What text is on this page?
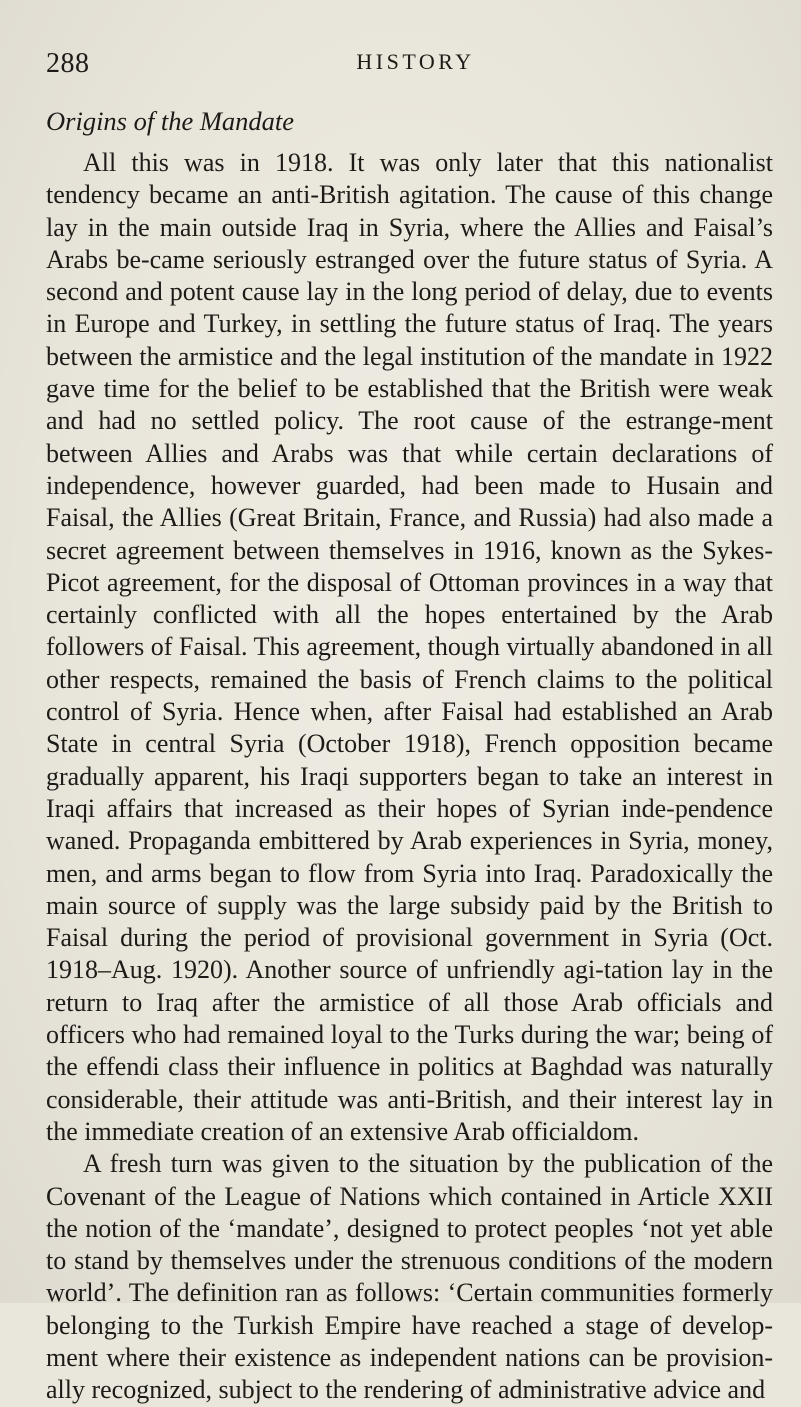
288	HISTORY
Origins of the Mandate

All this was in 1918. It was only later that this nationalist tendency became an anti-British agitation. The cause of this change lay in the main outside Iraq in Syria, where the Allies and Faisal’s Arabs be-came seriously estranged over the future status of Syria. A second and potent cause lay in the long period of delay, due to events in Europe and Turkey, in settling the future status of Iraq. The years between the armistice and the legal institution of the mandate in 1922 gave time for the belief to be established that the British were weak and had no settled policy. The root cause of the estrange-ment between Allies and Arabs was that while certain declarations of independence, however guarded, had been made to Husain and Faisal, the Allies (Great Britain, France, and Russia) had also made a secret agreement between themselves in 1916, known as the Sykes-Picot agreement, for the disposal of Ottoman provinces in a way that certainly conflicted with all the hopes entertained by the Arab followers of Faisal. This agreement, though virtually abandoned in all other respects, remained the basis of French claims to the political control of Syria. Hence when, after Faisal had established an Arab State in central Syria (October 1918), French opposition became gradually apparent, his Iraqi supporters began to take an interest in Iraqi affairs that increased as their hopes of Syrian inde-pendence waned. Propaganda embittered by Arab experiences in Syria, money, men, and arms began to flow from Syria into Iraq. Paradoxically the main source of supply was the large subsidy paid by the British to Faisal during the period of provisional government in Syria (Oct. 1918–Aug. 1920). Another source of unfriendly agi-tation lay in the return to Iraq after the armistice of all those Arab officials and officers who had remained loyal to the Turks during the war; being of the effendi class their influence in politics at Baghdad was naturally considerable, their attitude was anti-British, and their interest lay in the immediate creation of an extensive Arab officialdom.

A fresh turn was given to the situation by the publication of the Covenant of the League of Nations which contained in Article XXII the notion of the ‘mandate’, designed to protect peoples ‘not yet able to stand by themselves under the strenuous conditions of the modern world’. The definition ran as follows: ‘Certain communities formerly belonging to the Turkish Empire have reached a stage of develop-ment where their existence as independent nations can be provision-ally recognized, subject to the rendering of administrative advice and
